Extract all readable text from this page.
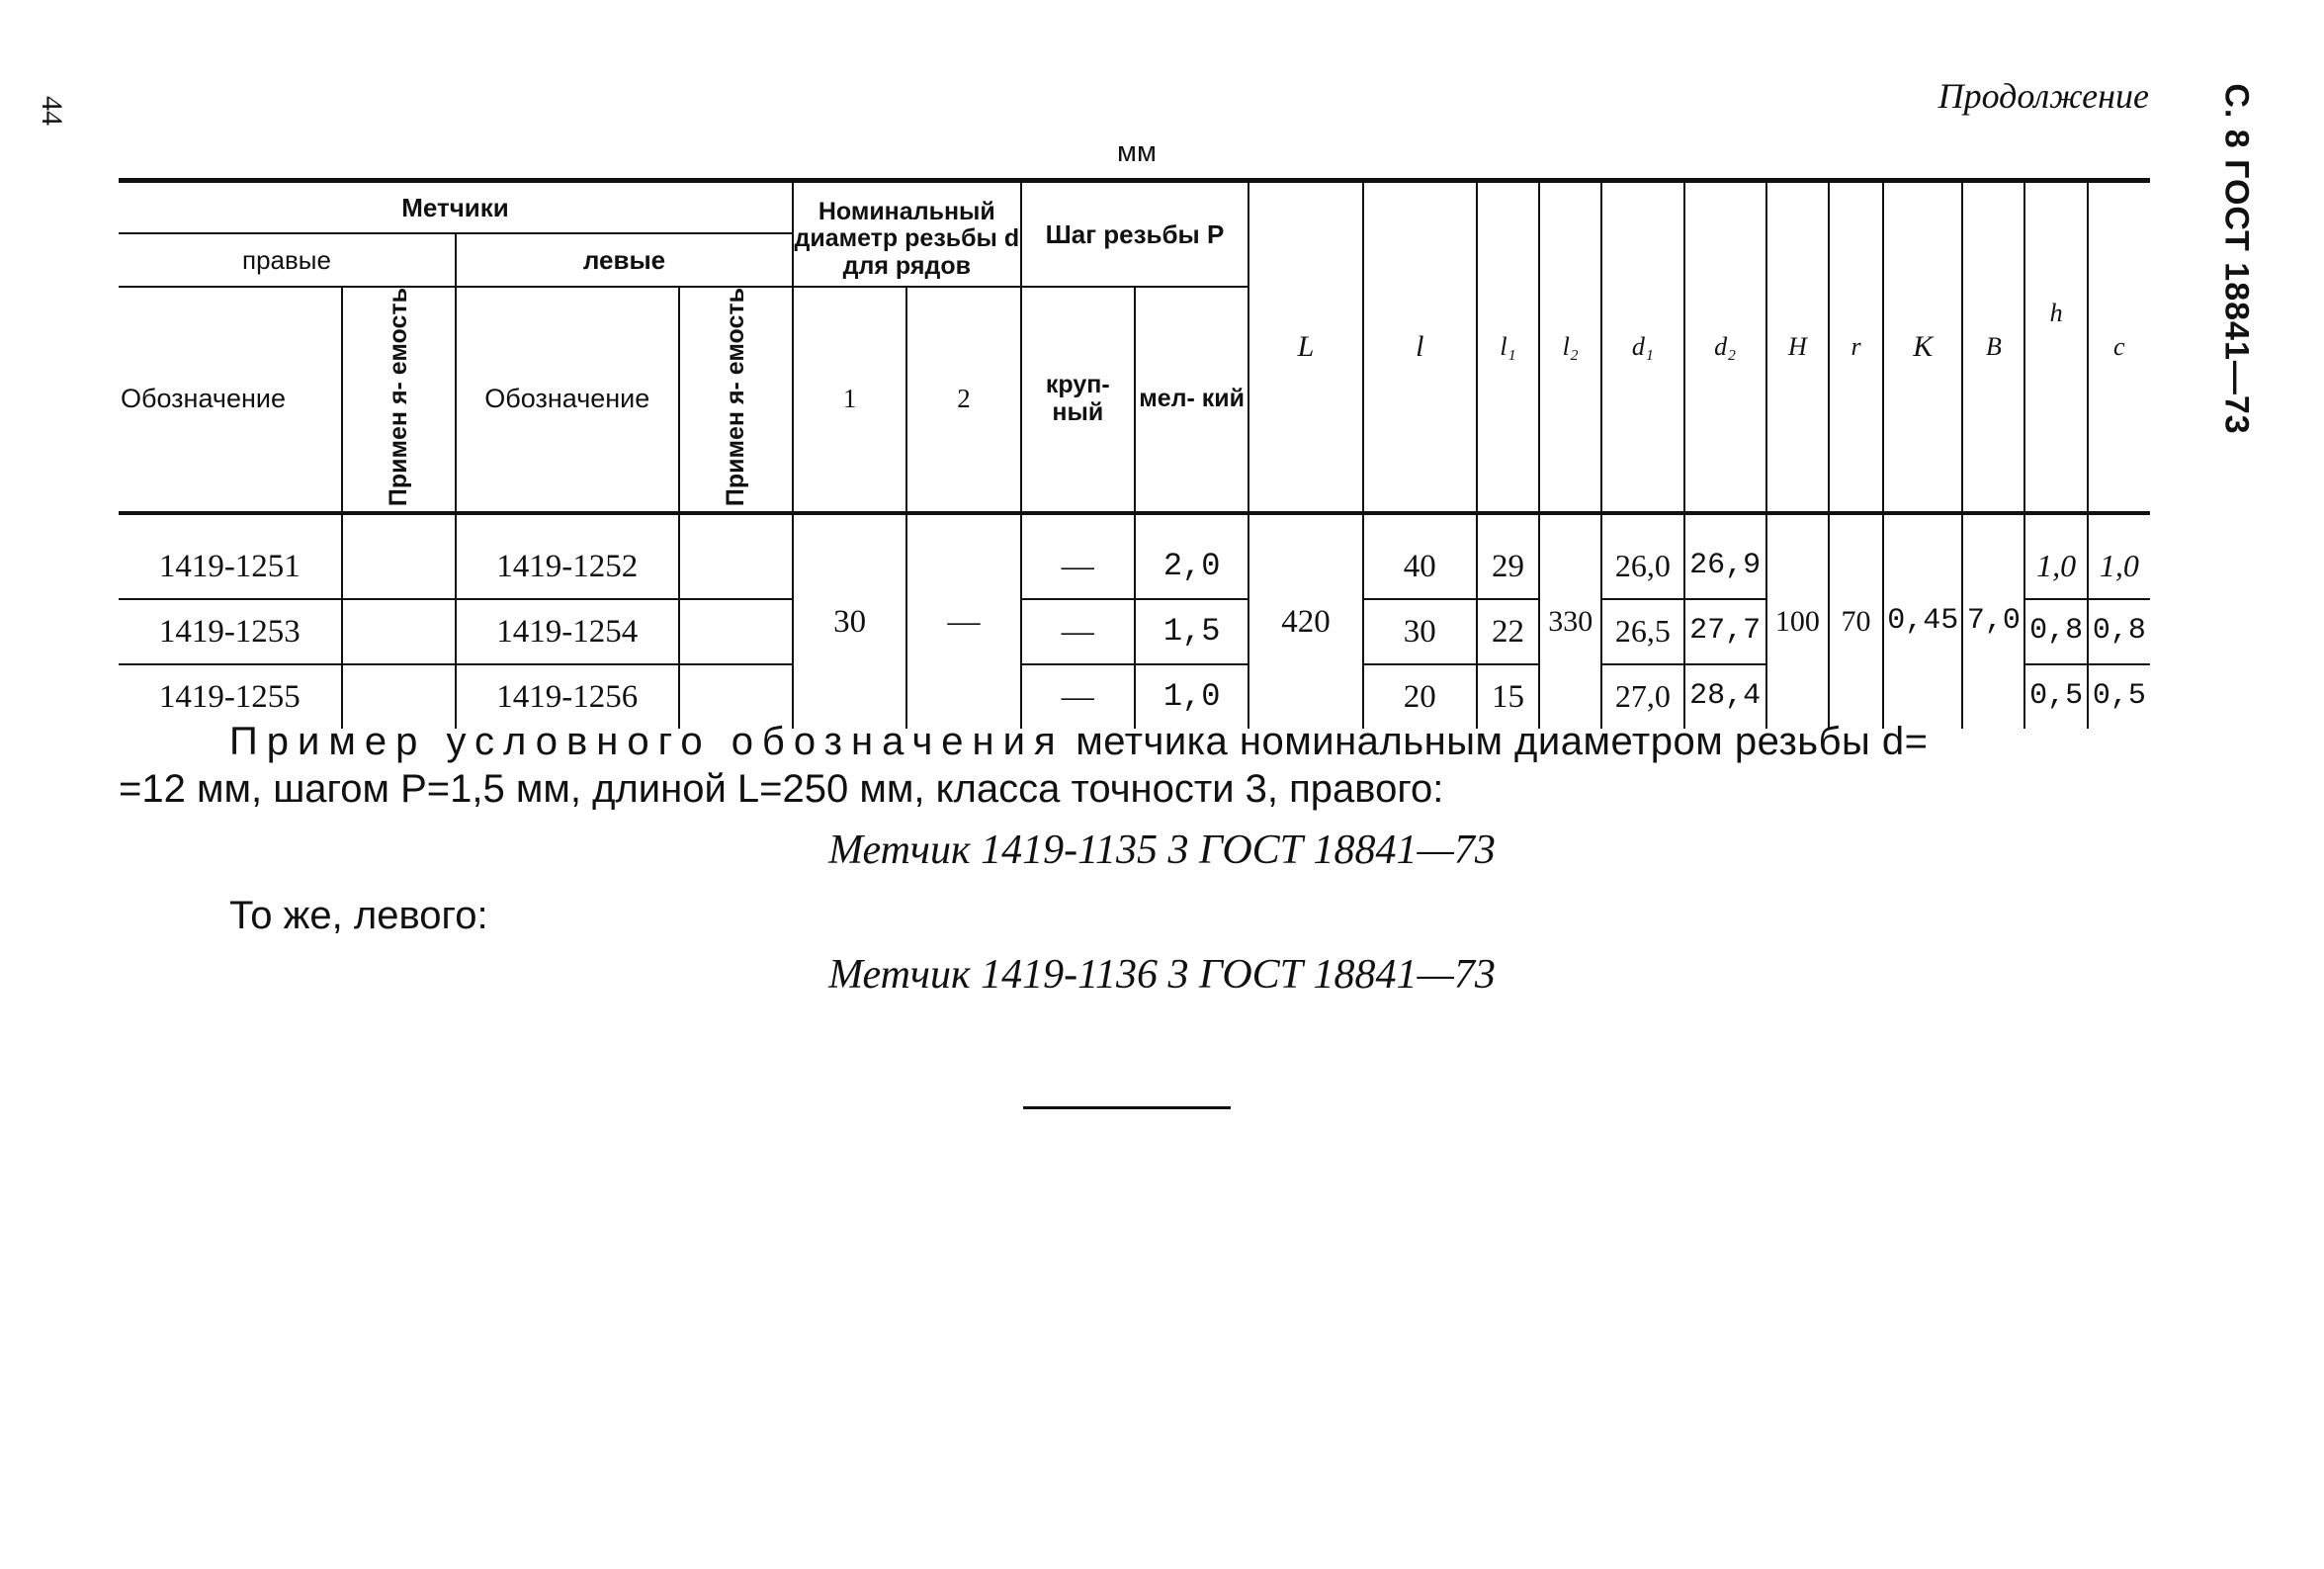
44	С. 8 ГОСТ 18841—73
Продолжение
мм
Метчики				Номинальный диаметр резьбы d для рядов		Шаг резьбы P		L	l	l₁	l₂	d₁	d₂	H	r	K	B	h	c
правые		левые																	
Обозначение	Примен я- емость	Обозначение	Примен я- емость																
				1	2	круп- ный	мел- кий												

1419-1251		1419-1252		30	—	—	2,0	420	40	29	330	26,0	26,9	100	70	0,45	7,0	1,0	1,0
1419-1253		1419-1254				—	1,5		30	22		26,5	27,7					0,8	0,8
1419-1255		1419-1256				—	1,0		20	15		27,0	28,4					0,5	0,5
Пример условного обозначения метчика номинальным диаметром резьбы d=
=12 мм, шагом P=1,5 мм, длиной L=250 мм, класса точности 3, правого:
Метчик 1419-1135 3 ГОСТ 18841—73
То же, левого:
Метчик 1419-1136 3 ГОСТ 18841—73
